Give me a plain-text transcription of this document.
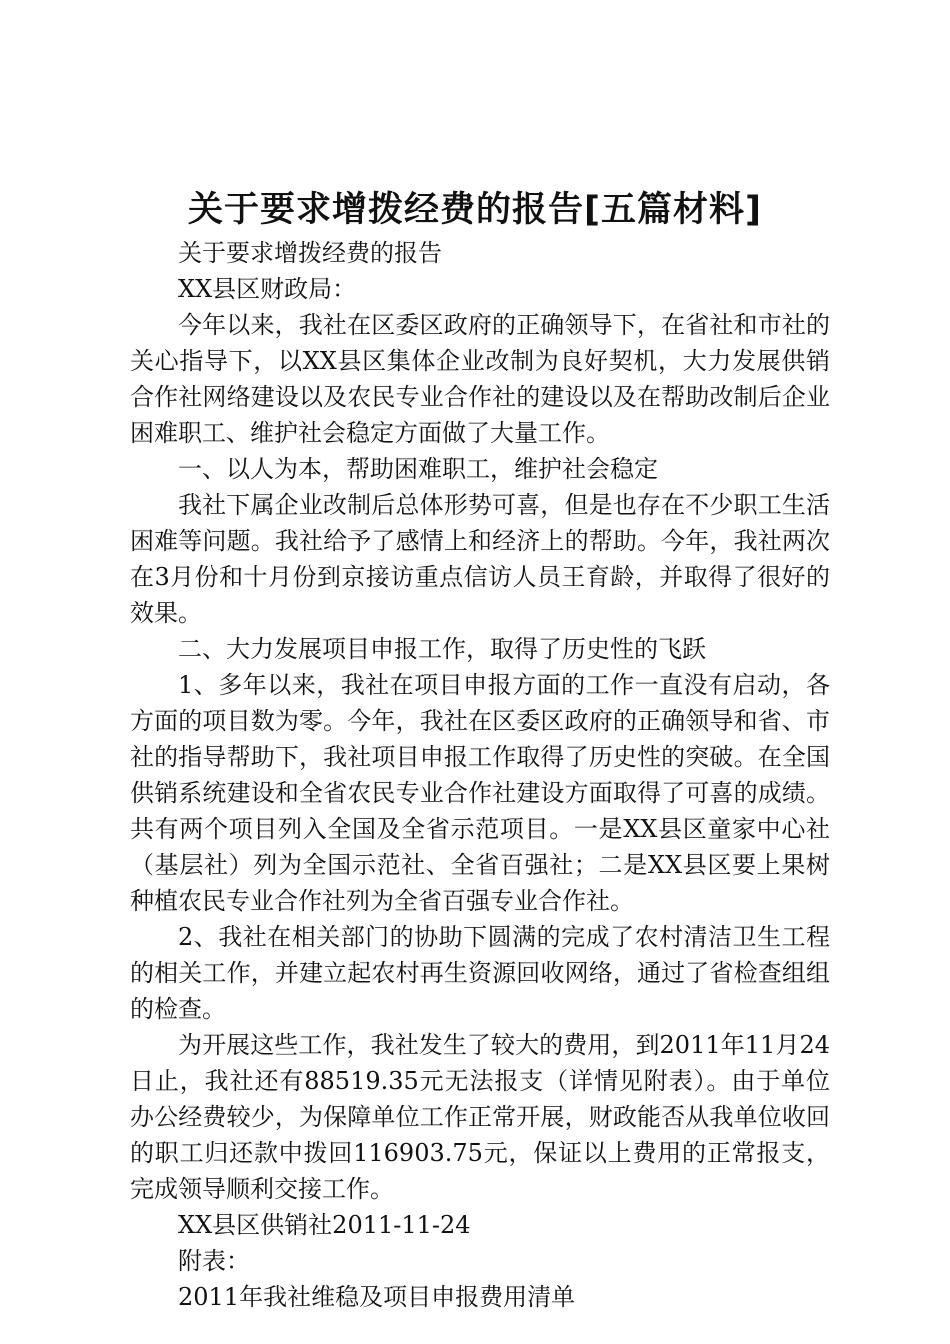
关于要求增拨经费的报告[五篇材料]

关于要求增拨经费的报告

XX县区财政局：

今年以来，我社在区委区政府的正确领导下，在省社和市社的关心指导下，以XX县区集体企业改制为良好契机，大力发展供销合作社网络建设以及农民专业合作社的建设以及在帮助改制后企业困难职工、维护社会稳定方面做了大量工作。

一、以人为本，帮助困难职工，维护社会稳定

我社下属企业改制后总体形势可喜，但是也存在不少职工生活困难等问题。我社给予了感情上和经济上的帮助。今年，我社两次在3月份和十月份到京接访重点信访人员王育龄，并取得了很好的效果。

二、大力发展项目申报工作，取得了历史性的飞跃

1、多年以来，我社在项目申报方面的工作一直没有启动，各方面的项目数为零。今年，我社在区委区政府的正确领导和省、市社的指导帮助下，我社项目申报工作取得了历史性的突破。在全国供销系统建设和全省农民专业合作社建设方面取得了可喜的成绩。共有两个项目列入全国及全省示范项目。一是XX县区童家中心社（基层社）列为全国示范社、全省百强社；二是XX县区要上果树种植农民专业合作社列为全省百强专业合作社。

2、我社在相关部门的协助下圆满的完成了农村清洁卫生工程的相关工作，并建立起农村再生资源回收网络，通过了省检查组组的检查。

为开展这些工作，我社发生了较大的费用，到2011年11月24日止，我社还有88519.35元无法报支（详情见附表）。由于单位办公经费较少，为保障单位工作正常开展，财政能否从我单位收回的职工归还款中拨回116903.75元，保证以上费用的正常报支，完成领导顺利交接工作。

XX县区供销社2011-11-24

附表：

2011年我社维稳及项目申报费用清单
